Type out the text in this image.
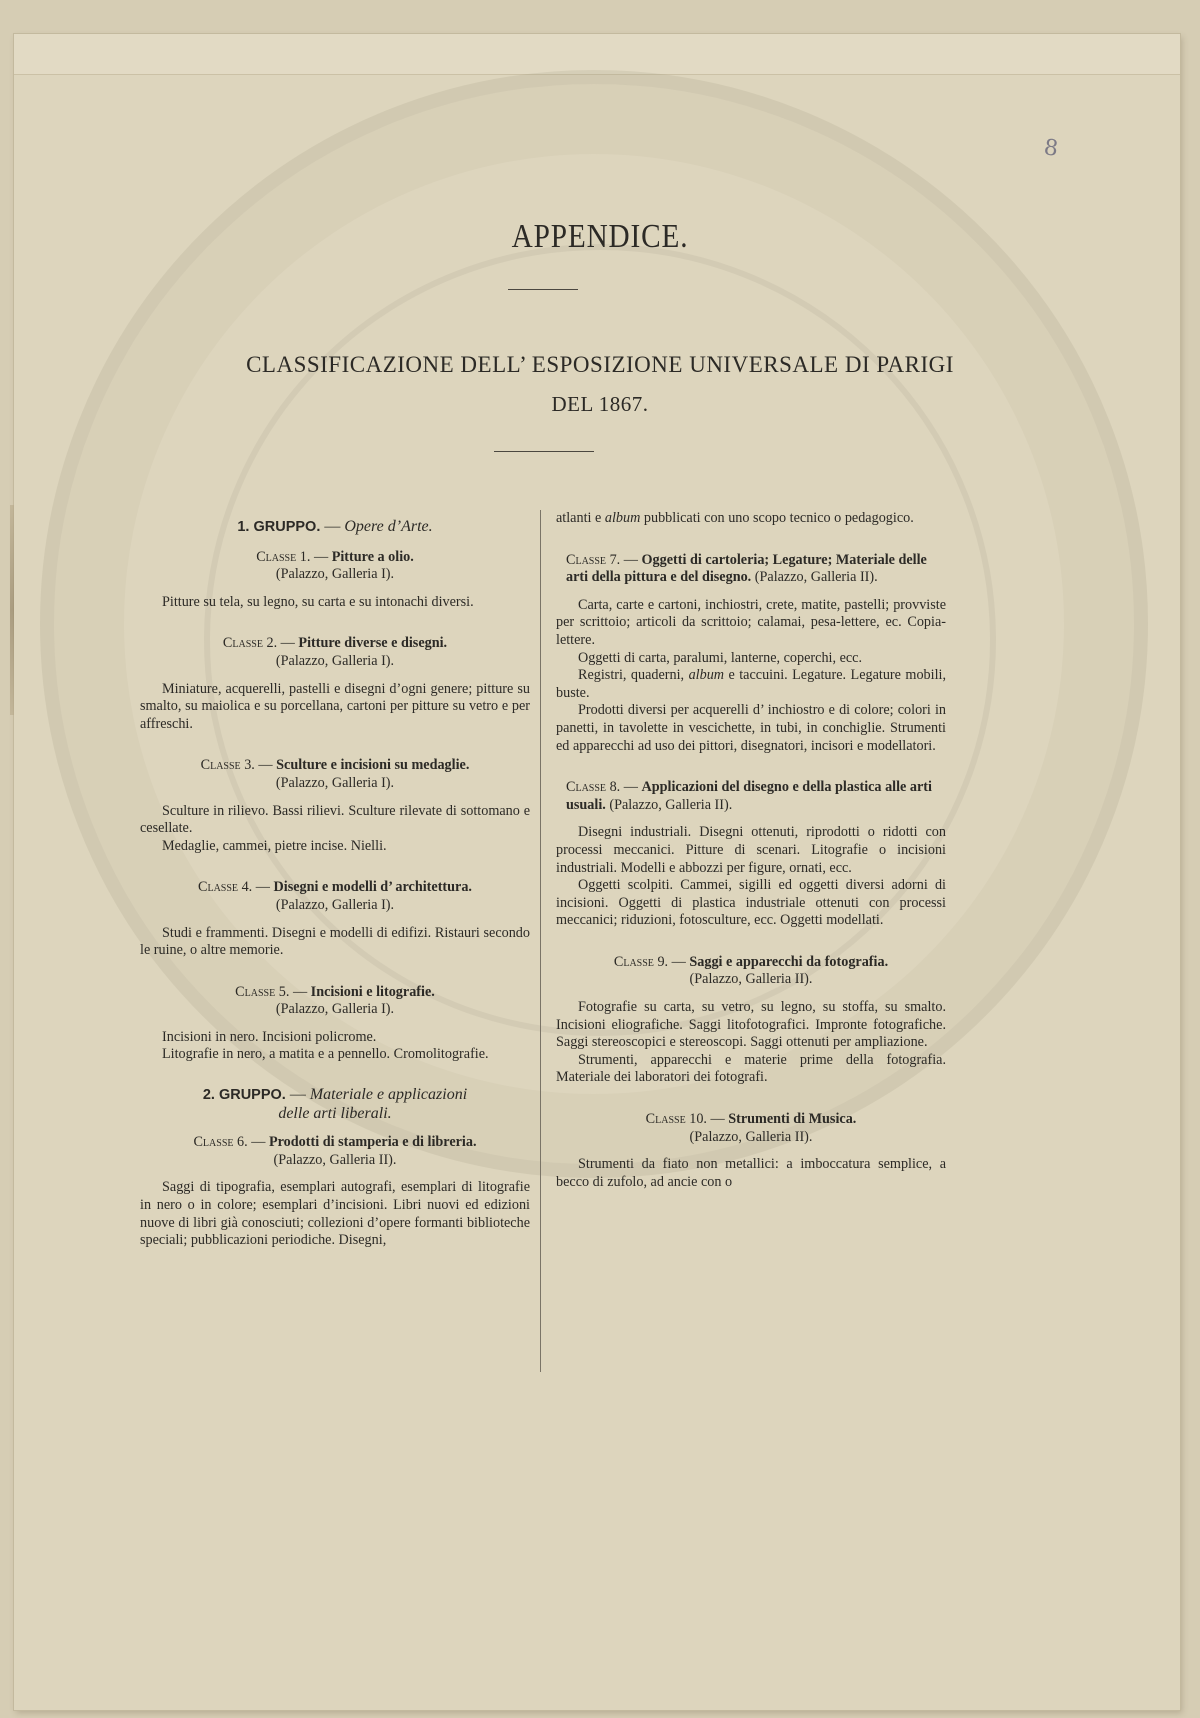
8
APPENDICE.
CLASSIFICAZIONE DELL’ ESPOSIZIONE UNIVERSALE DI PARIGI
DEL 1867.
1. GRUPPO. — Opere d’Arte.
Classe 1. — Pitture a olio.
(Palazzo, Galleria I).

Pitture su tela, su legno, su carta e su intonachi diversi.

Classe 2. — Pitture diverse e disegni.
(Palazzo, Galleria I).

Miniature, acquerelli, pastelli e disegni d’ogni genere; pitture su smalto, su maiolica e su porcellana, cartoni per pitture su vetro e per affreschi.

Classe 3. — Sculture e incisioni su medaglie.
(Palazzo, Galleria I).

Sculture in rilievo. Bassi rilievi. Sculture rilevate di sottomano e cesellate.

Medaglie, cammei, pietre incise. Nielli.

Classe 4. — Disegni e modelli d’ architettura.
(Palazzo, Galleria I).

Studi e frammenti. Disegni e modelli di edifizi. Ristauri secondo le ruine, o altre memorie.

Classe 5. — Incisioni e litografie.
(Palazzo, Galleria I).

Incisioni in nero. Incisioni policrome.

Litografie in nero, a matita e a pennello. Cromolitografie.

2. GRUPPO. — Materiale e applicazioni
delle arti liberali.
Classe 6. — Prodotti di stamperia e di libreria.
(Palazzo, Galleria II).

Saggi di tipografia, esemplari autografi, esemplari di litografie in nero o in colore; esemplari d’incisioni. Libri nuovi ed edizioni nuove di libri già conosciuti; collezioni d’opere formanti biblioteche speciali; pubblicazioni periodiche. Disegni,

atlanti e album pubblicati con uno scopo tecnico o pedagogico.

Classe 7. — Oggetti di cartoleria; Legature; Materiale delle arti della pittura e del disegno. (Palazzo, Galleria II).

Carta, carte e cartoni, inchiostri, crete, matite, pastelli; provviste per scrittoio; articoli da scrittoio; calamai, pesa-lettere, ec. Copia-lettere.

Oggetti di carta, paralumi, lanterne, coperchi, ecc.

Registri, quaderni, album e taccuini. Legature. Legature mobili, buste.

Prodotti diversi per acquerelli d’ inchiostro e di colore; colori in panetti, in tavolette in vescichette, in tubi, in conchiglie. Strumenti ed apparecchi ad uso dei pittori, disegnatori, incisori e modellatori.

Classe 8. — Applicazioni del disegno e della plastica alle arti usuali. (Palazzo, Galleria II).

Disegni industriali. Disegni ottenuti, riprodotti o ridotti con processi meccanici. Pitture di scenari. Litografie o incisioni industriali. Modelli e abbozzi per figure, ornati, ecc.

Oggetti scolpiti. Cammei, sigilli ed oggetti diversi adorni di incisioni. Oggetti di plastica industriale ottenuti con processi meccanici; riduzioni, fotosculture, ecc. Oggetti modellati.

Classe 9. — Saggi e apparecchi da fotografia.
(Palazzo, Galleria II).

Fotografie su carta, su vetro, su legno, su stoffa, su smalto. Incisioni eliografiche. Saggi litofotografici. Impronte fotografiche. Saggi stereoscopici e stereoscopi. Saggi ottenuti per ampliazione.

Strumenti, apparecchi e materie prime della fotografia. Materiale dei laboratori dei fotografi.

Classe 10. — Strumenti di Musica.
(Palazzo, Galleria II).

Strumenti da fiato non metallici: a imboccatura semplice, a becco di zufolo, ad ancie con o
